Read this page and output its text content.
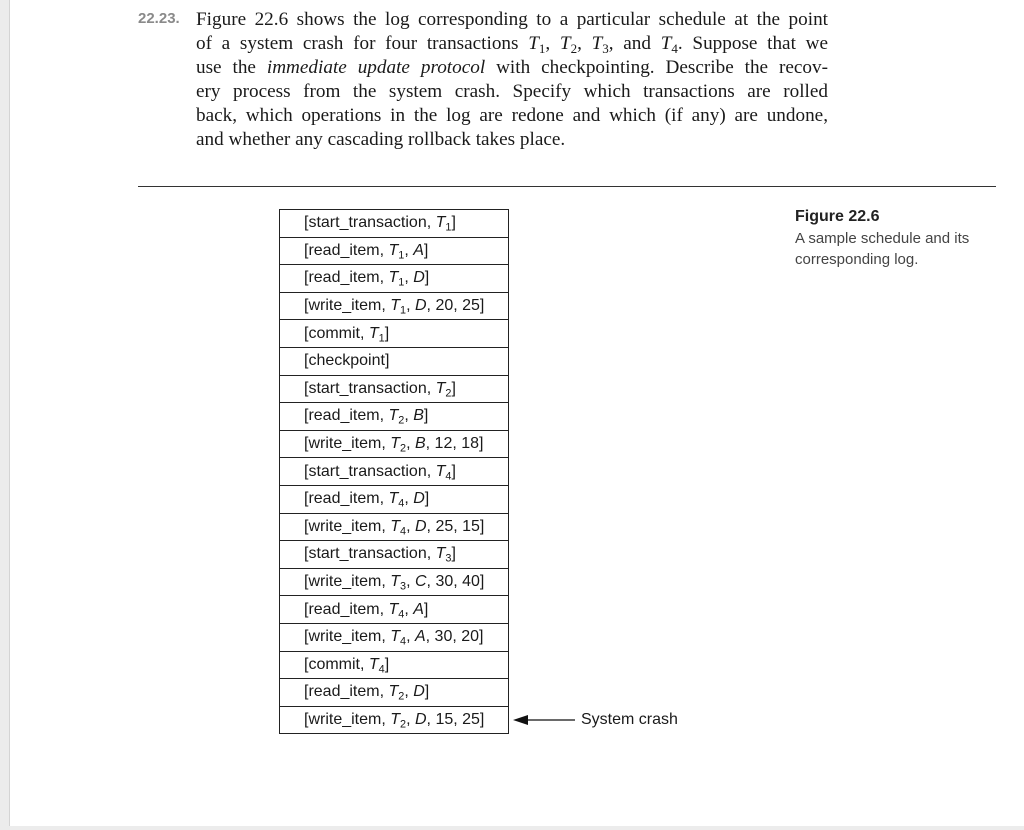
22.23. Figure 22.6 shows the log corresponding to a particular schedule at the point
of a system crash for four transactions $T_1$, $T_2$, $T_3$, and $T_4$. Suppose that we
use the immediate update protocol with checkpointing. Describe the recov-
ery process from the system crash. Specify which transactions are rolled
back, which operations in the log are redone and which (if any) are undone,
and whether any cascading rollback takes place.
[start_transaction, $T_1$]
[read_item, $T_1$, A]
[read_item, $T_1$, D]
[write_item, $T_1$, D, 20, 25]
[commit, $T_1$]
[checkpoint]
[start_transaction, $T_2$]
[read_item, $T_2$, B]
[write_item, $T_2$, B, 12, 18]
[start_transaction, $T_4$]
[read_item, $T_4$, D]
[write_item, $T_4$, D, 25, 15]
[start_transaction, $T_3$]
[write_item, $T_3$, C, 30, 40]
[read_item, $T_4$, A]
[write_item, $T_4$, A, 30, 20]
[commit, $T_4$]
[read_item, $T_2$, D]
[write_item, $T_2$, D, 15, 25]	System crash
Figure 22.6
A sample schedule and its corresponding log.
